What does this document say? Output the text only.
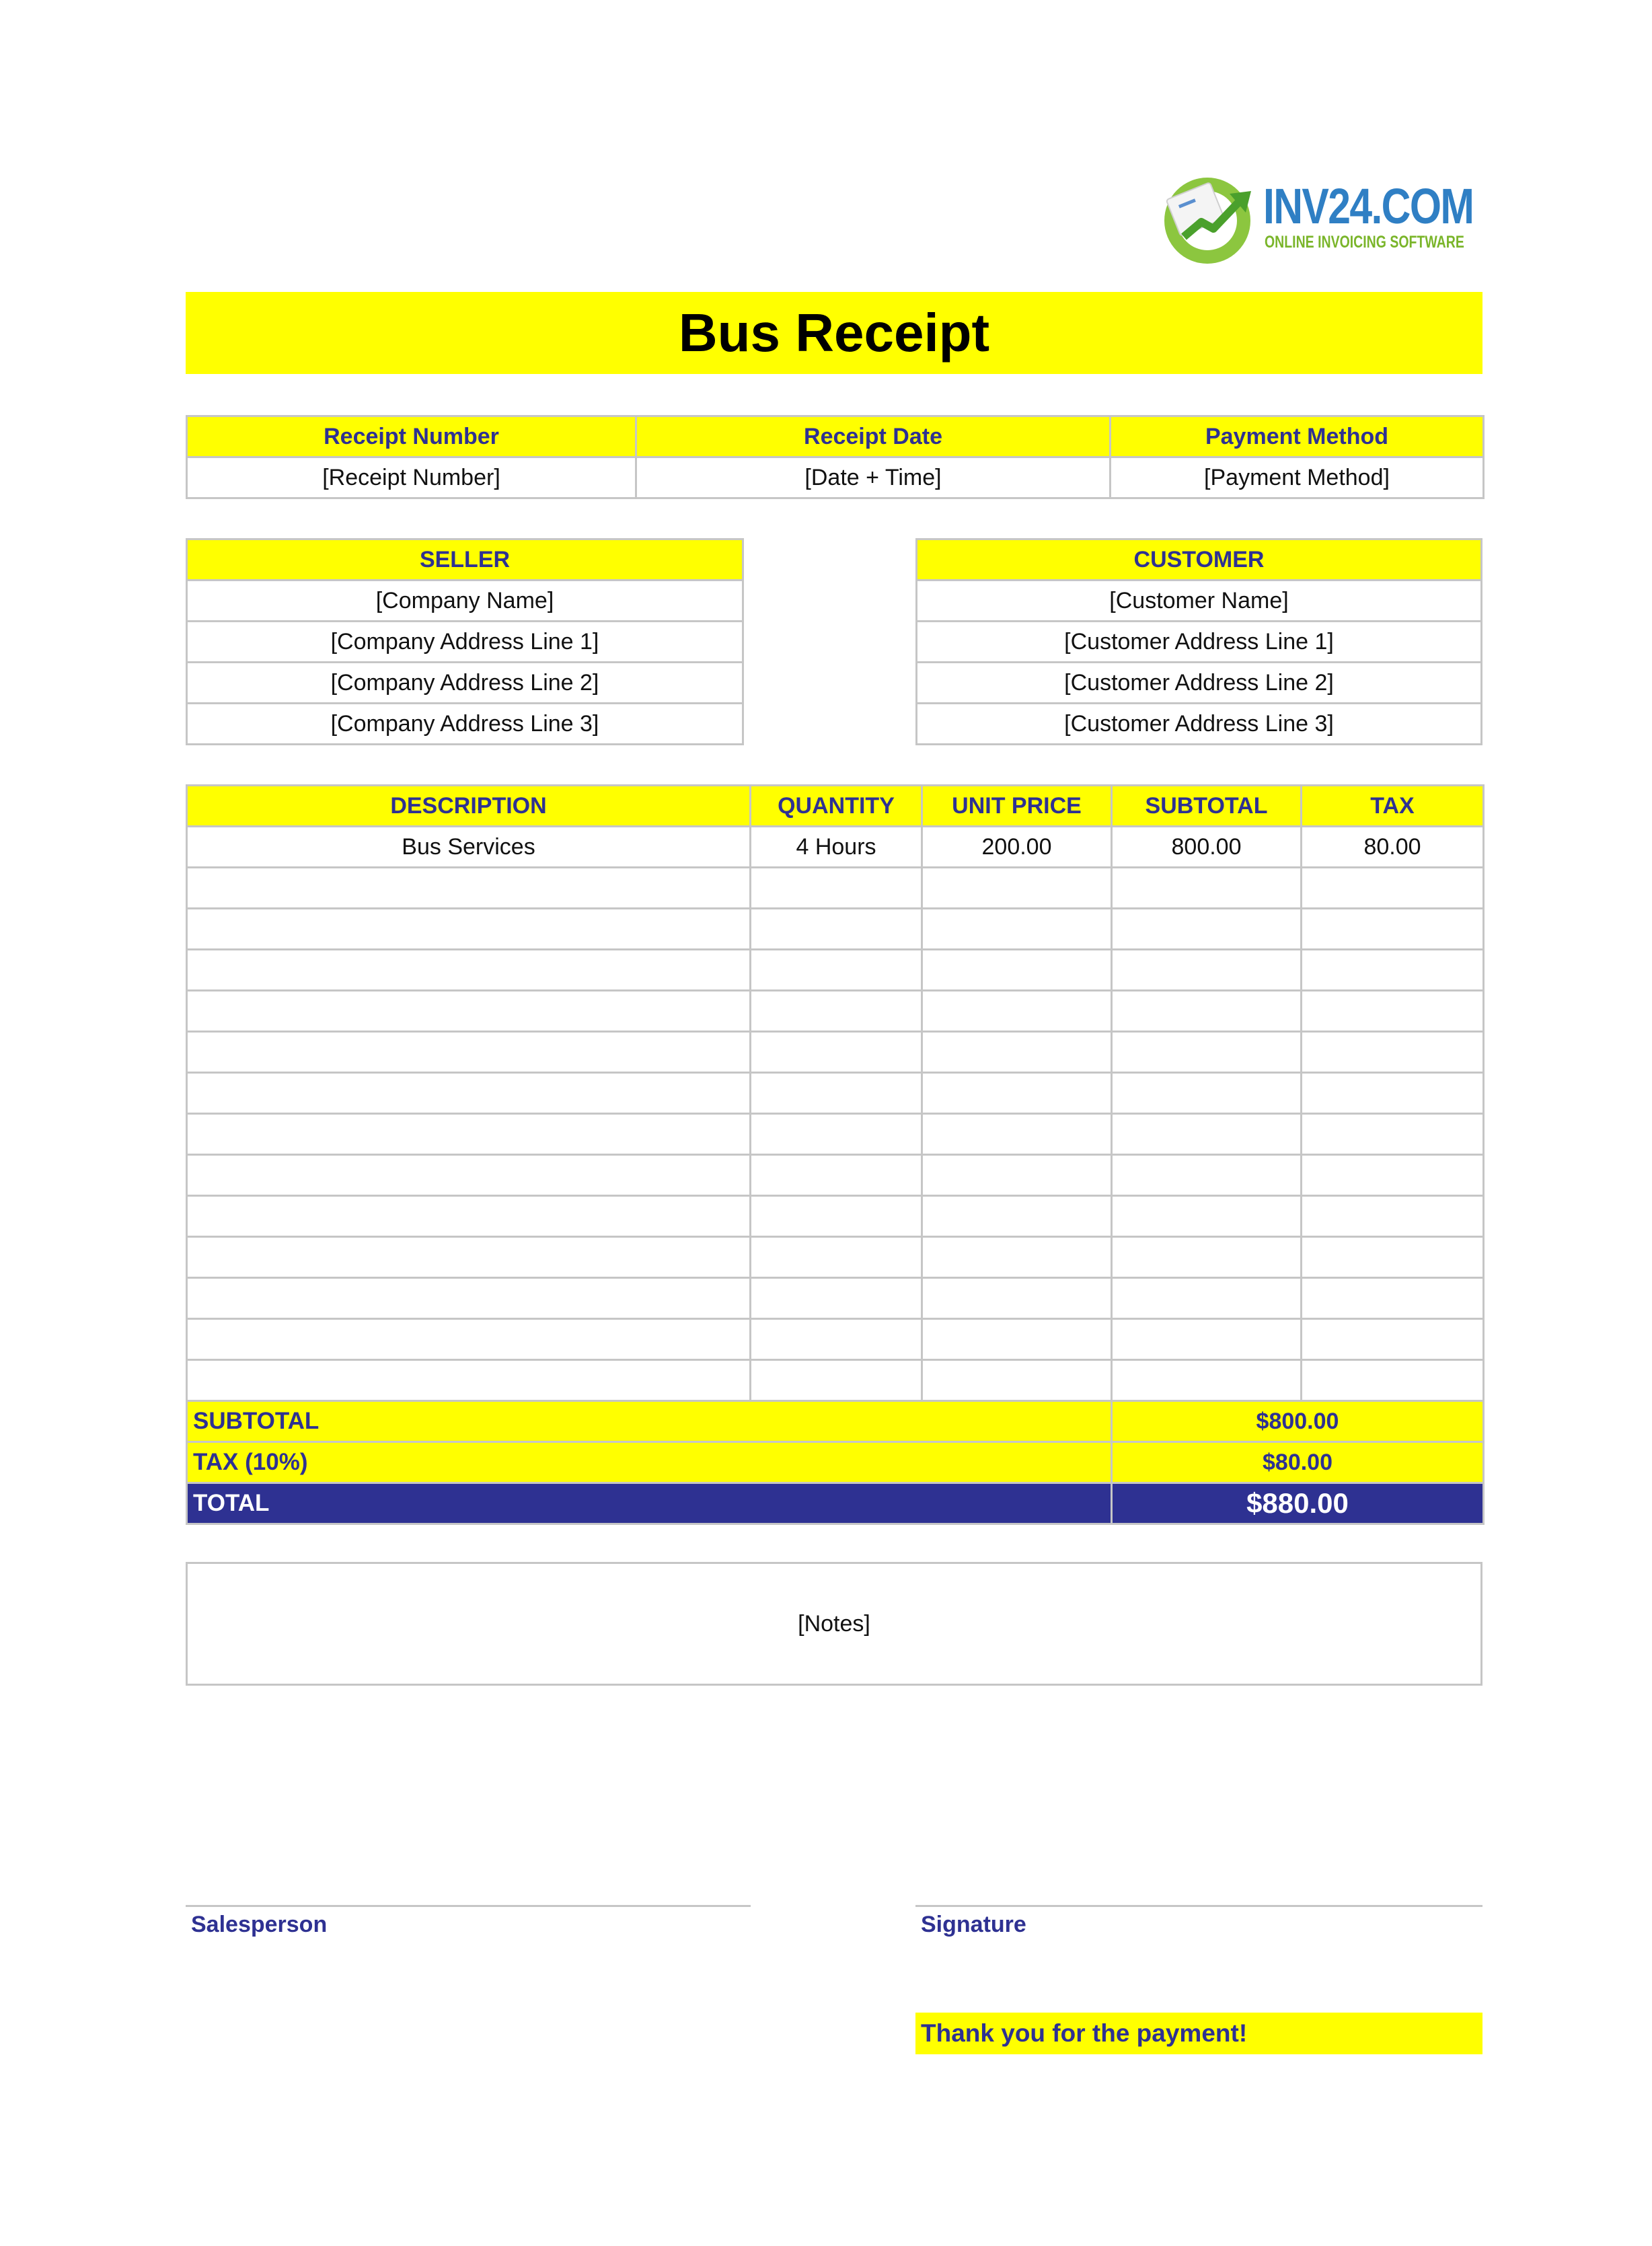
INV24.COM
ONLINE INVOICING SOFTWARE
Bus Receipt
Receipt Number	Receipt Date	Payment Method
[Receipt Number]	[Date + Time]	[Payment Method]
SELLER
[Company Name]
[Company Address Line 1]
[Company Address Line 2]
[Company Address Line 3]
CUSTOMER
[Customer Name]
[Customer Address Line 1]
[Customer Address Line 2]
[Customer Address Line 3]
DESCRIPTION	QUANTITY	UNIT PRICE	SUBTOTAL	TAX
Bus Services	4 Hours	200.00	800.00	80.00

SUBTOTAL			$800.00	
TAX (10%)			$80.00	
TOTAL			$880.00	
[Notes]
Salesperson	Signature
Thank you for the payment!
